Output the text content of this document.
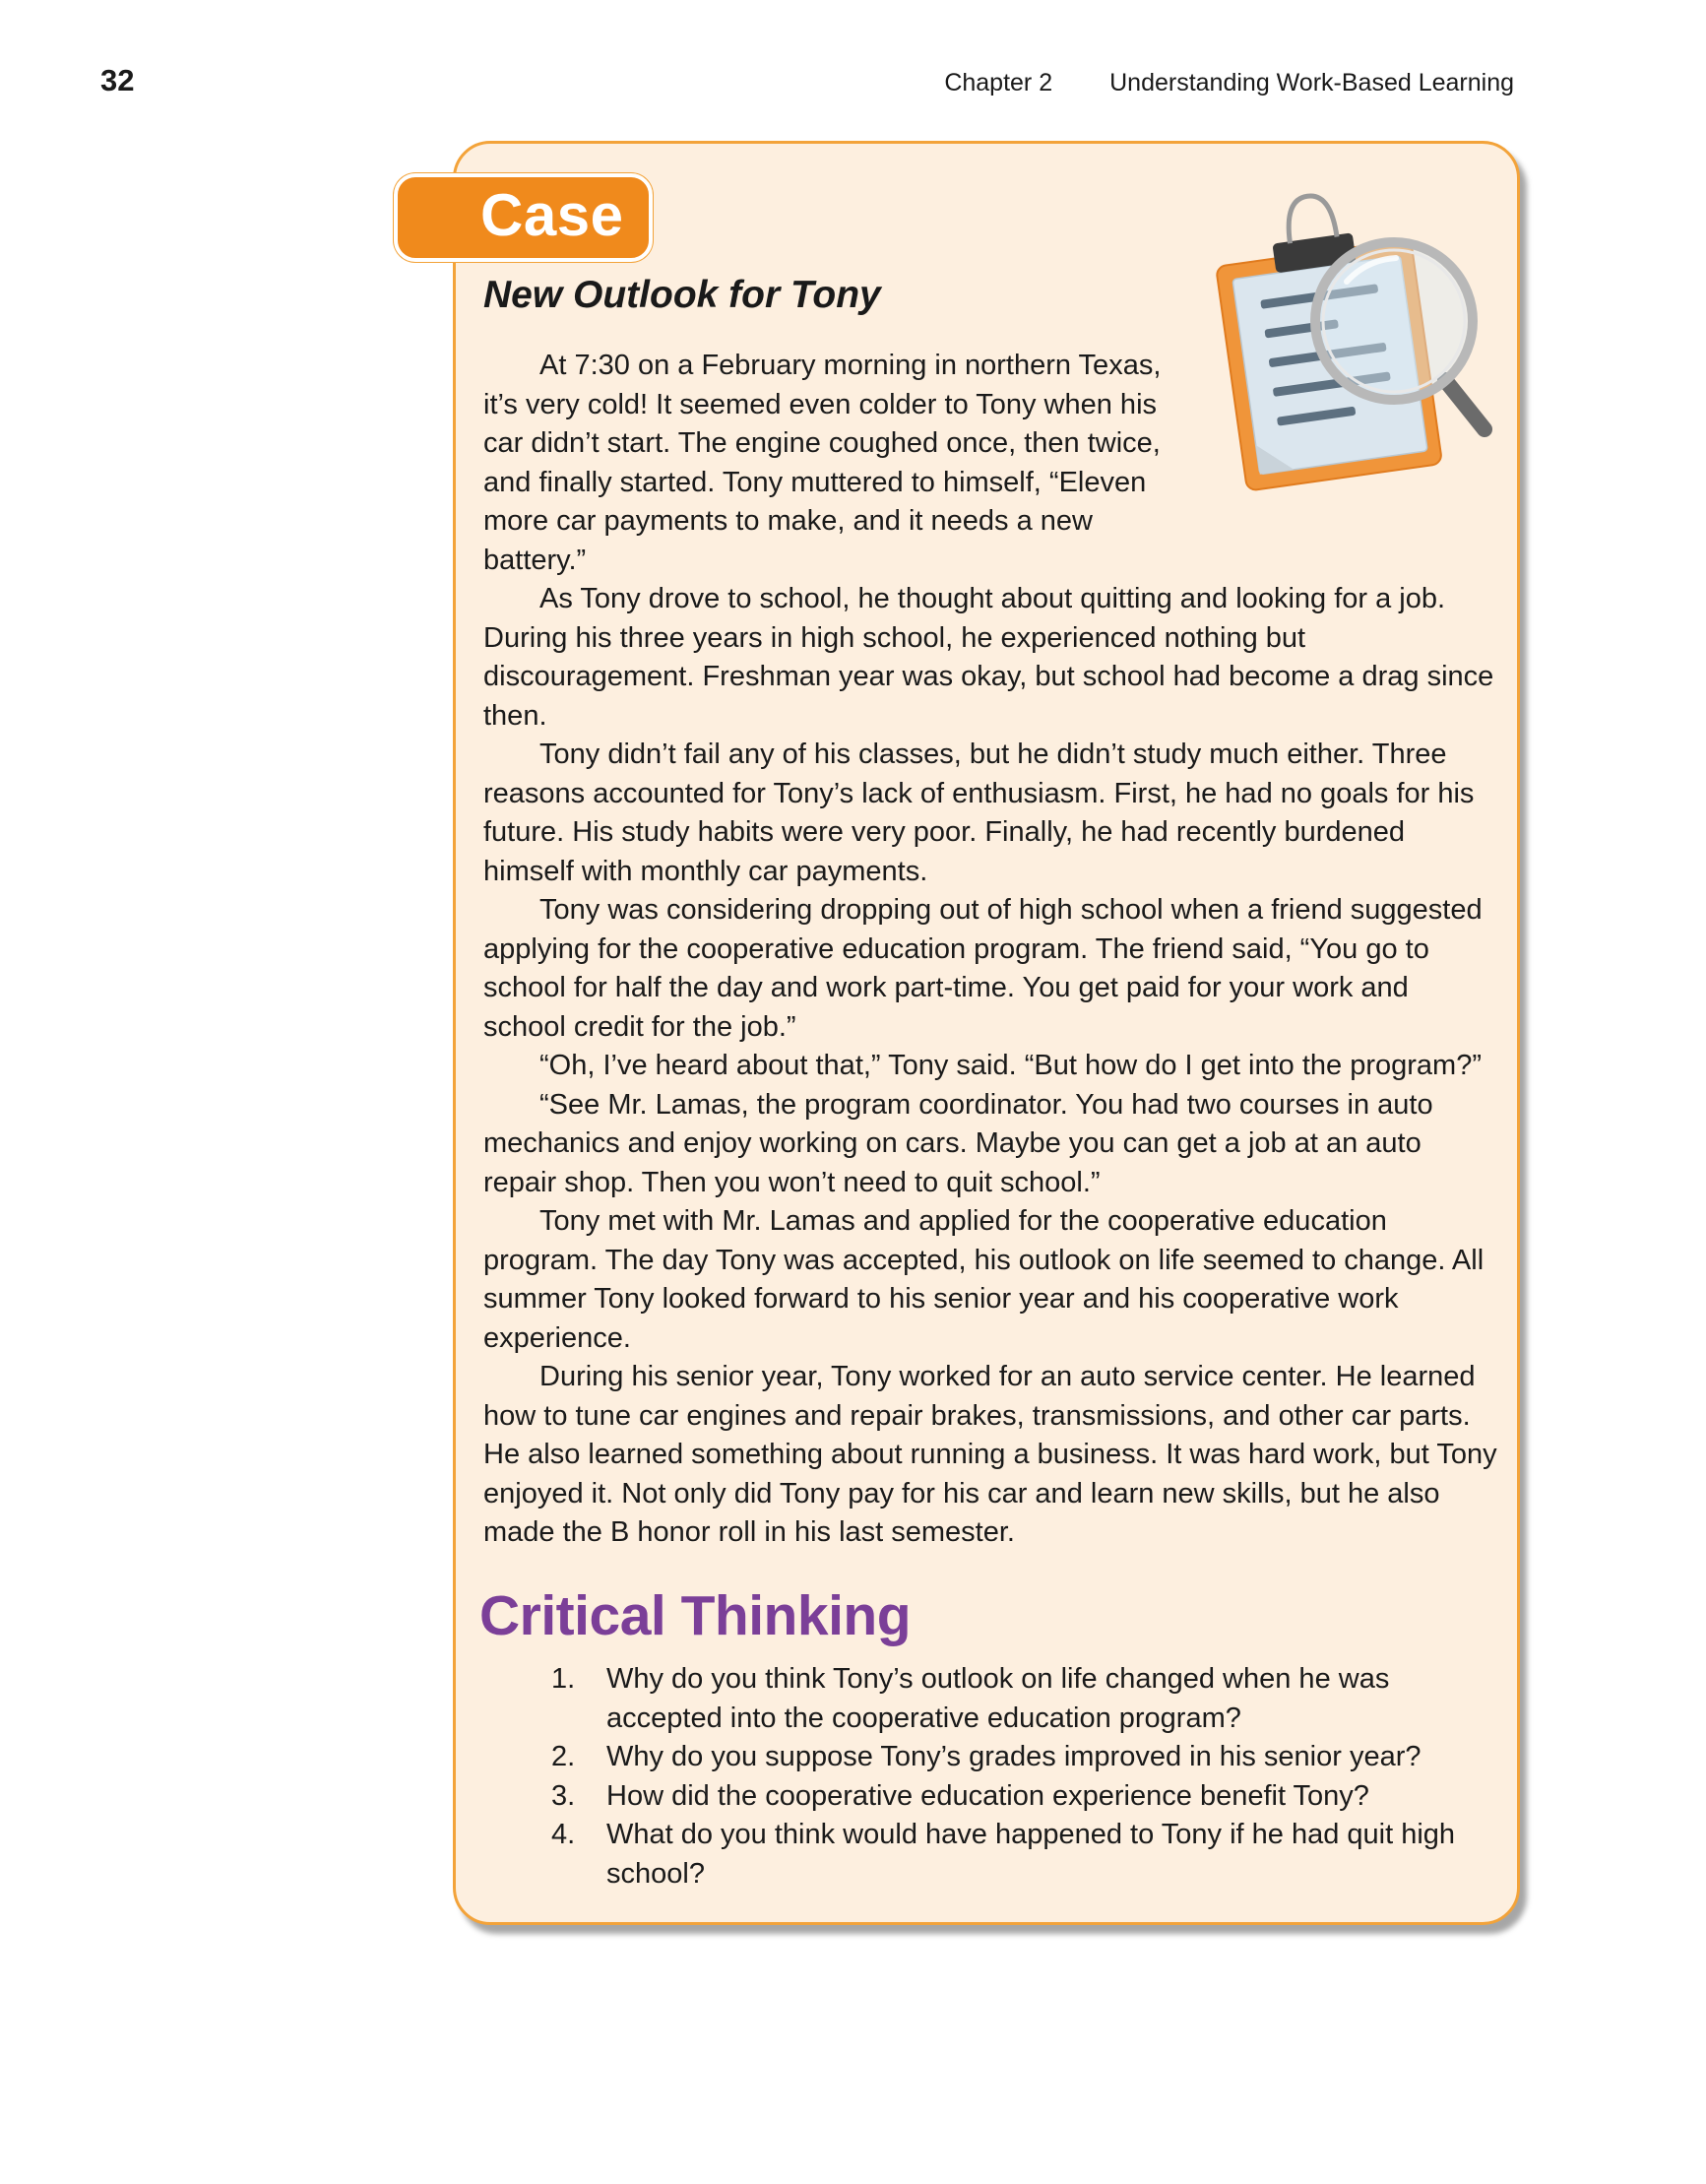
32	Chapter 2 Understanding Work-Based Learning
Case
New Outlook for Tony

At 7:30 on a February morning in northern Texas, it’s very cold! It seemed even colder to Tony when his car didn’t start. The engine coughed once, then twice, and finally started. Tony muttered to himself, “Eleven more car payments to make, and it needs a new battery.”

As Tony drove to school, he thought about quitting and looking for a job. During his three years in high school, he experienced nothing but discouragement. Freshman year was okay, but school had become a drag since then.

Tony didn’t fail any of his classes, but he didn’t study much either. Three reasons accounted for Tony’s lack of enthusiasm. First, he had no goals for his future. His study habits were very poor. Finally, he had recently burdened himself with monthly car payments.

Tony was considering dropping out of high school when a friend suggested applying for the cooperative education program. The friend said, “You go to school for half the day and work part-time. You get paid for your work and school credit for the job.”

“Oh, I’ve heard about that,” Tony said. “But how do I get into the program?”

“See Mr. Lamas, the program coordinator. You had two courses in auto mechanics and enjoy working on cars. Maybe you can get a job at an auto repair shop. Then you won’t need to quit school.”

Tony met with Mr. Lamas and applied for the cooperative education program. The day Tony was accepted, his outlook on life seemed to change. All summer Tony looked forward to his senior year and his cooperative work experience.

During his senior year, Tony worked for an auto service center. He learned how to tune car engines and repair brakes, transmissions, and other car parts. He also learned something about running a business. It was hard work, but Tony enjoyed it. Not only did Tony pay for his car and learn new skills, but he also made the B honor roll in his last semester.

Critical Thinking
1. Why do you think Tony’s outlook on life changed when he was accepted into the cooperative education program?
2. Why do you suppose Tony’s grades improved in his senior year?
3. How did the cooperative education experience benefit Tony?
4. What do you think would have happened to Tony if he had quit high school?
